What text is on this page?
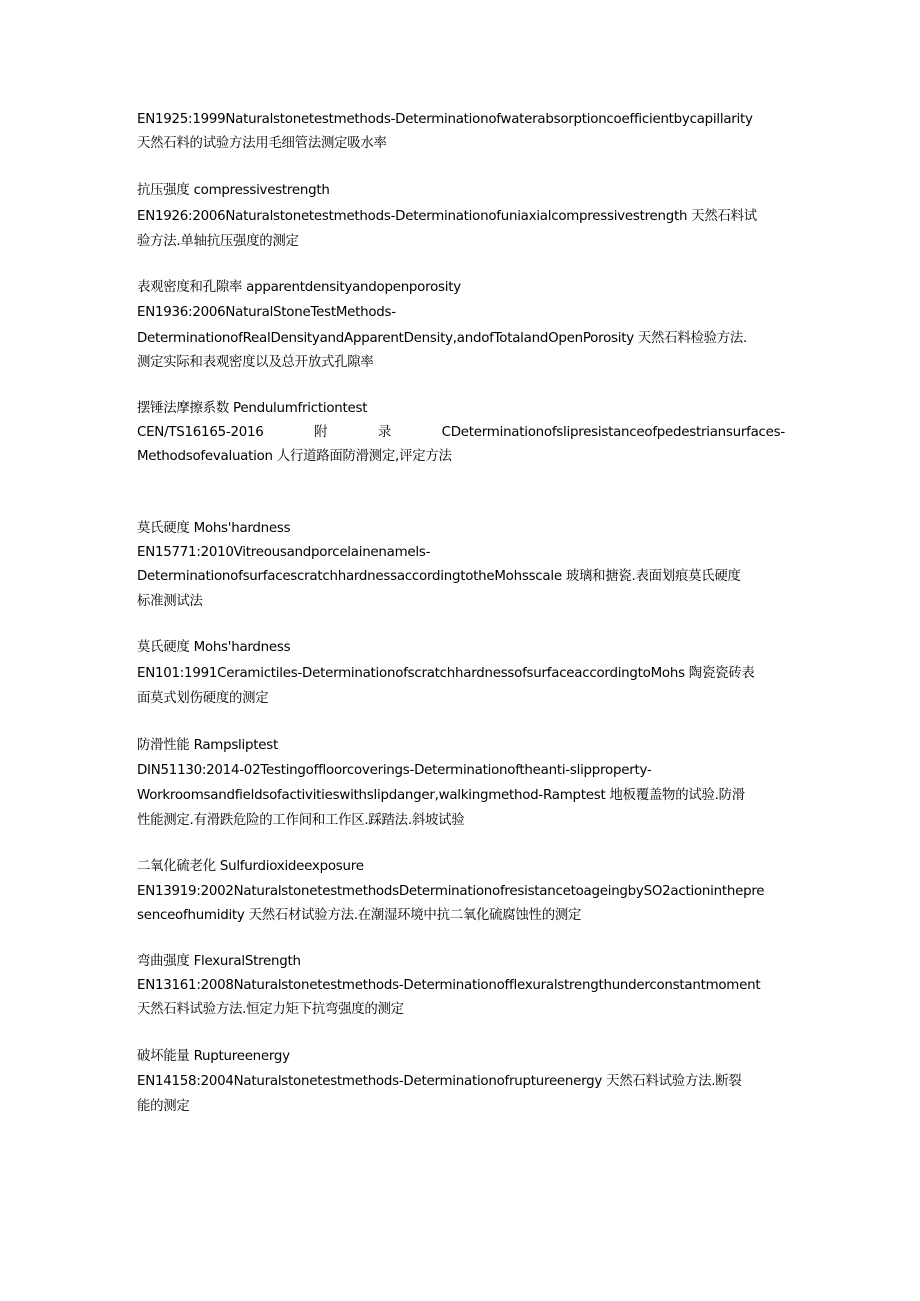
EN1925:1999Naturalstonetestmethods-Determinationofwaterabsorptioncoefficientbycapillarity
天然石料的试验方法用毛细管法测定吸水率
抗压强度 compressivestrength
EN1926:2006Naturalstonetestmethods-Determinationofuniaxialcompressivestrength 天然石料试
验方法.单轴抗压强度的测定
表观密度和孔隙率 apparentdensityandopenporosity
EN1936:2006NaturalStoneTestMethods-
DeterminationofRealDensityandApparentDensity,andofTotalandOpenPorosity 天然石料检验方法.
测定实际和表观密度以及总开放式孔隙率
摆锤法摩擦系数 Pendulumfrictiontest
CEN/TS16165-2016	附	录	CDeterminationofslipresistanceofpedestriansurfaces-
Methodsofevaluation 人行道路面防滑测定,评定方法
莫氏硬度 Mohs'hardness
EN15771:2010Vitreousandporcelainenamels-
DeterminationofsurfacescratchhardnessaccordingtotheMohsscale 玻璃和搪瓷.表面划痕莫氏硬度
标准测试法
莫氏硬度 Mohs'hardness
EN101:1991Ceramictiles-DeterminationofscratchhardnessofsurfaceaccordingtoMohs 陶瓷瓷砖表
面莫式划伤硬度的测定
防滑性能 Rampsliptest
DIN51130:2014-02Testingoffloorcoverings-Determinationoftheanti-slipproperty-
Workroomsandfieldsofactivitieswithslipdanger,walkingmethod-Ramptest 地板覆盖物的试验.防滑
性能测定.有滑跌危险的工作间和工作区.踩踏法.斜坡试验
二氧化硫老化 Sulfurdioxideexposure
EN13919:2002NaturalstonetestmethodsDeterminationofresistancetoageingbySO2actioninthepre
senceofhumidity 天然石材试验方法.在潮湿环境中抗二氧化硫腐蚀性的测定
弯曲强度 FlexuralStrength
EN13161:2008Naturalstonetestmethods-Determinationofflexuralstrengthunderconstantmoment
天然石料试验方法.恒定力矩下抗弯强度的测定
破坏能量 Ruptureenergy
EN14158:2004Naturalstonetestmethods-Determinationofruptureenergy 天然石料试验方法.断裂
能的测定
